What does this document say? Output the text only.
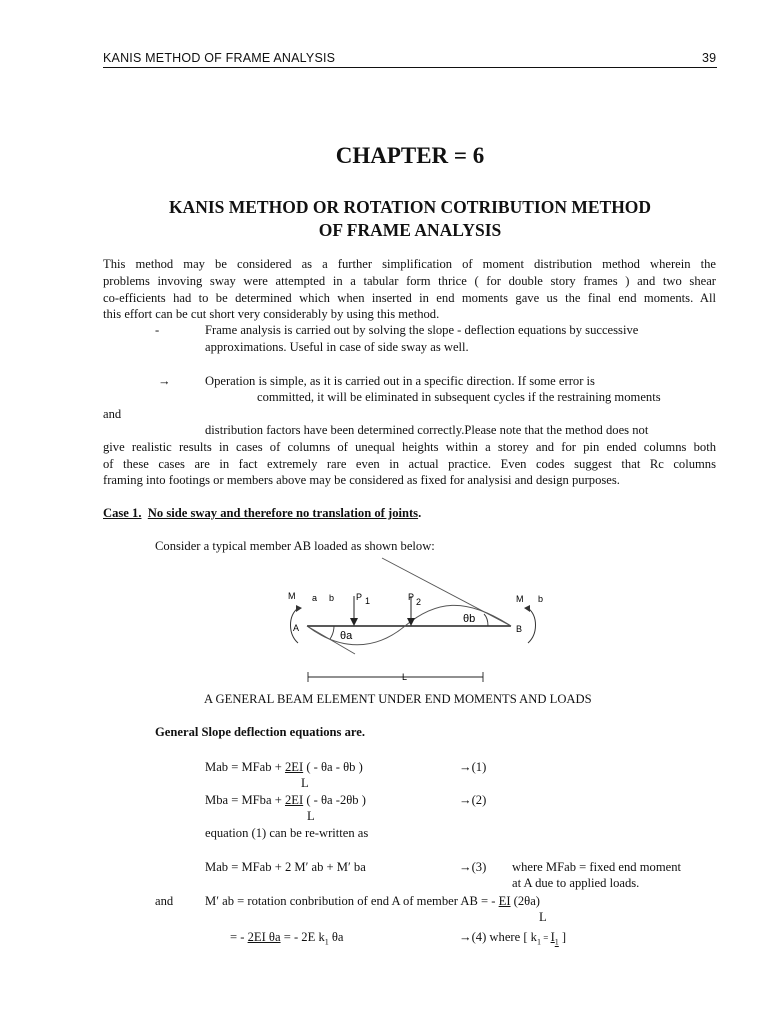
KANIS METHOD OF FRAME ANALYSIS	39
CHAPTER = 6
KANIS METHOD OR ROTATION COTRIBUTION METHOD
OF FRAME ANALYSIS
This method may be considered as a further simplification of moment distribution method wherein the
problems invoving sway were attempted in a tabular form thrice ( for double story frames ) and two shear
co-efficients had to be determined which when inserted in end moments gave us the final end moments. All
this effort can be cut short very considerably by using this method.
-	Frame analysis is carried out by solving the slope - deflection equations by successive
approximations. Useful in case of side sway as well.
→	Operation is simple, as it is carried out in a specific direction. If some error is
committed, it will be eliminated in subsequent cycles if the restraining moments
and
distribution factors have been determined correctly.Please note that the method does not
give realistic results in cases of columns of unequal heights within a storey and for pin ended columns both
of these cases are in fact extremely rare even in actual practice. Even codes suggest that Rc columns
framing into footings or members above may be considered as fixed for analysisi and design purposes.
Case 1. No side sway and therefore no translation of joints.
Consider a typical member AB loaded as shown below:
M a b P 1	P 2	M b
A	B
θa
θb
L
A GENERAL BEAM ELEMENT UNDER END MOMENTS AND LOADS
General Slope deflection equations are.
Mab = MFab + 2EI ( - θa - θb )	→(1)
L
Mba = MFba + 2EI ( - θa -2θb )	→(2)
L
equation (1) can be re-written as
Mab = MFab + 2 M′ ab + M′ ba	→(3) where MFab = fixed end moment
at A due to applied loads.
and	M′ ab = rotation conbribution of end A of member AB = - EI (2θa)
L
= - 2EI θa = - 2E $k_1$ θa	→(4) where [ $k_1 = I_1$ ]
